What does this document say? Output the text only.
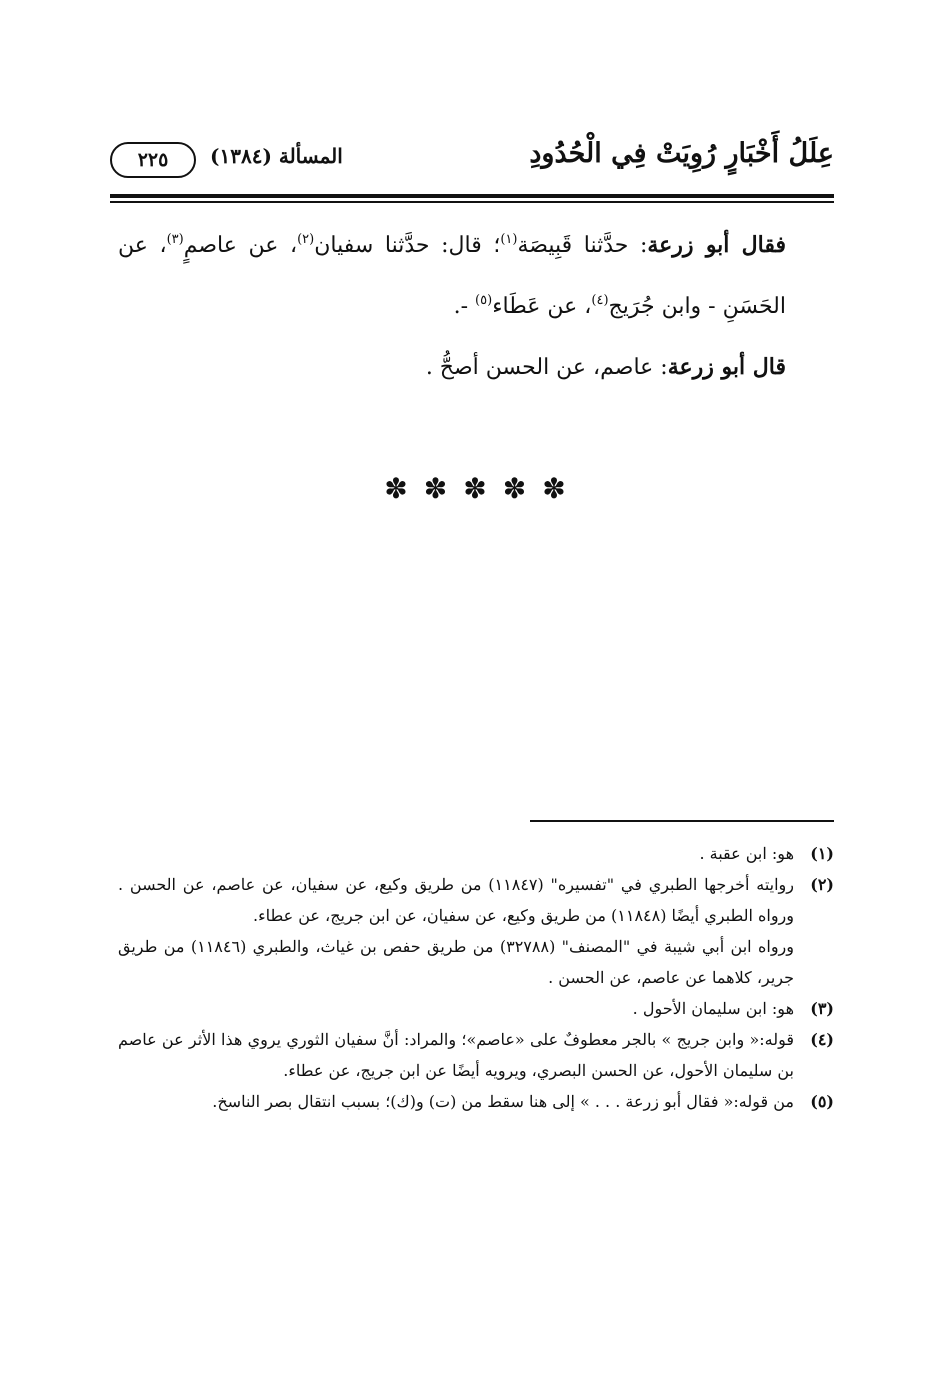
عِلَلُ أَخْبَارٍ رُوِيَتْ فِي الْحُدُودِ
المسألة (١٣٨٤)
٢٢٥

فقال أبو زرعة: حدَّثنا قَبِيصَة$^{(١)}$؛ قال: حدَّثنا سفيان$^{(٢)}$، عن عاصمٍ$^{(٣)}$، عن الحَسَنِ - وابن جُرَيج$^{(٤)}$، عن عَطَاء$^{(٥)}$ -.

قال أبو زرعة: عاصم، عن الحسن أصحُّ .

✽ ✽ ✽ ✽ ✽
(١)

هو: ابن عقبة .

(٢)

روايته أخرجها الطبري في "تفسيره" (١١٨٤٧) من طريق وكيع، عن سفيان، عن عاصم، عن الحسن . ورواه الطبري أيضًا (١١٨٤٨) من طريق وكيع، عن سفيان، عن ابن جريج، عن عطاء.

ورواه ابن أبي شيبة في "المصنف" (٣٢٧٨٨) من طريق حفص بن غياث، والطبري (١١٨٤٦) من طريق جرير، كلاهما عن عاصم، عن الحسن .

(٣)

هو: ابن سليمان الأحول .

(٤)

قوله:« وابن جريج » بالجر معطوفٌ على «عاصم»؛ والمراد: أنَّ سفيان الثوري يروي هذا الأثر عن عاصم بن سليمان الأحول، عن الحسن البصري، ويرويه أيضًا عن ابن جريج، عن عطاء.

(٥)

من قوله:« فقال أبو زرعة . . . » إلى هنا سقط من (ت) و(ك)؛ بسبب انتقال بصر الناسخ.
